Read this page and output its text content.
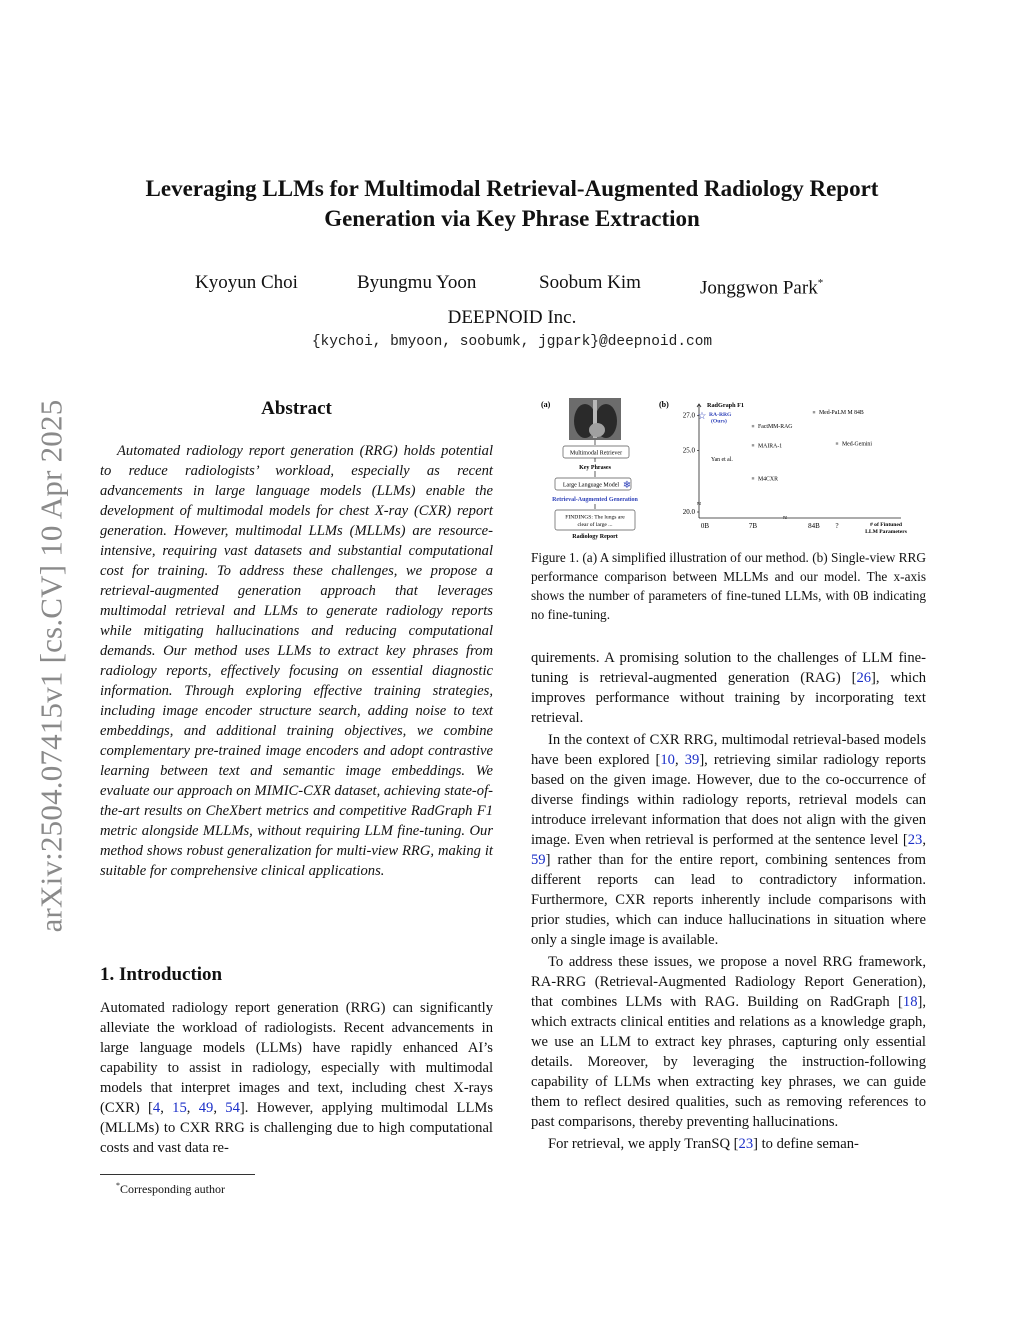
arXiv:2504.07415v1 [cs.CV] 10 Apr 2025
Leveraging LLMs for Multimodal Retrieval-Augmented Radiology Report
Generation via Key Phrase Extraction
Kyoyun Choi	Byungmu Yoon	Soobum Kim	Jonggwon Park*
DEEPNOID Inc.
{kychoi, bmyoon, soobumk, jgpark}@deepnoid.com
Abstract

Automated radiology report generation (RRG) holds potential to reduce radiologists’ workload, especially as recent advancements in large language models (LLMs) enable the development of multimodal models for chest X-ray (CXR) report generation. However, multimodal LLMs (MLLMs) are resource-intensive, requiring vast datasets and substantial computational cost for training. To address these challenges, we propose a retrieval-augmented generation approach that leverages multimodal retrieval and LLMs to generate radiology reports while mitigating hallucinations and reducing computational demands. Our method uses LLMs to extract key phrases from radiology reports, effectively focusing on essential diagnostic information. Through exploring effective training strategies, including image encoder structure search, adding noise to text embeddings, and additional training objectives, we combine complementary pre-trained image encoders and adopt contrastive learning between text and semantic image embeddings. We evaluate our approach on MIMIC-CXR dataset, achieving state-of-the-art results on CheXbert metrics and competitive RadGraph F1 metric alongside MLLMs, without requiring LLM fine-tuning. Our method shows robust generalization for multi-view RRG, making it suitable for comprehensive clinical applications.

1. Introduction

Automated radiology report generation (RRG) can significantly alleviate the workload of radiologists. Recent advancements in large language models (LLMs) have rapidly enhanced AI’s capability to assist in radiology, especially with multimodal models that interpret images and text, including chest X-rays (CXR) [4, 15, 49, 54]. However, applying multimodal LLMs (MLLMs) to CXR RRG is challenging due to high computational costs and vast data re-

*Corresponding author
(a)
Multimodal Retriever
Key Phrases
Large Language Model ❄
Retrieval-Augmented Generation
FINDINGS: The lungs are
clear of large ...
Radiology Report
(b)	RadGraph F1
27.0
25.0
20.0
≈
≈
0B	7B	84B ?	# of Fintuned
LLM Parameters
☆ RA-RRG
(Ours)
Yan et al.
FactMM-RAG
MAIRA-1
M4CXR
Med-PaLM M 84B
Med-Gemini

Figure 1. (a) A simplified illustration of our method. (b) Single-view RRG performance comparison between MLLMs and our model. The x-axis shows the number of parameters of fine-tuned LLMs, with 0B indicating no fine-tuning.

quirements. A promising solution to the challenges of LLM fine-tuning is retrieval-augmented generation (RAG) [26], which improves performance without training by incorporating text retrieval.

In the context of CXR RRG, multimodal retrieval-based models have been explored [10, 39], retrieving similar radiology reports based on the given image. However, due to the co-occurrence of diverse findings within radiology reports, retrieval models can introduce irrelevant information that does not align with the given image. Even when retrieval is performed at the sentence level [23, 59] rather than for the entire report, combining sentences from different reports can lead to contradictory information. Furthermore, CXR reports inherently include comparisons with prior studies, which can induce hallucinations in situation where only a single image is available.

To address these issues, we propose a novel RRG framework, RA-RRG (Retrieval-Augmented Radiology Report Generation), that combines LLMs with RAG. Building on RadGraph [18], which extracts clinical entities and relations as a knowledge graph, we use an LLM to extract key phrases, capturing only essential details. Moreover, by leveraging the instruction-following capability of LLMs when extracting key phrases, we can guide them to reflect desired qualities, such as removing references to past comparisons, thereby preventing hallucinations.

For retrieval, we apply TranSQ [23] to define seman-
